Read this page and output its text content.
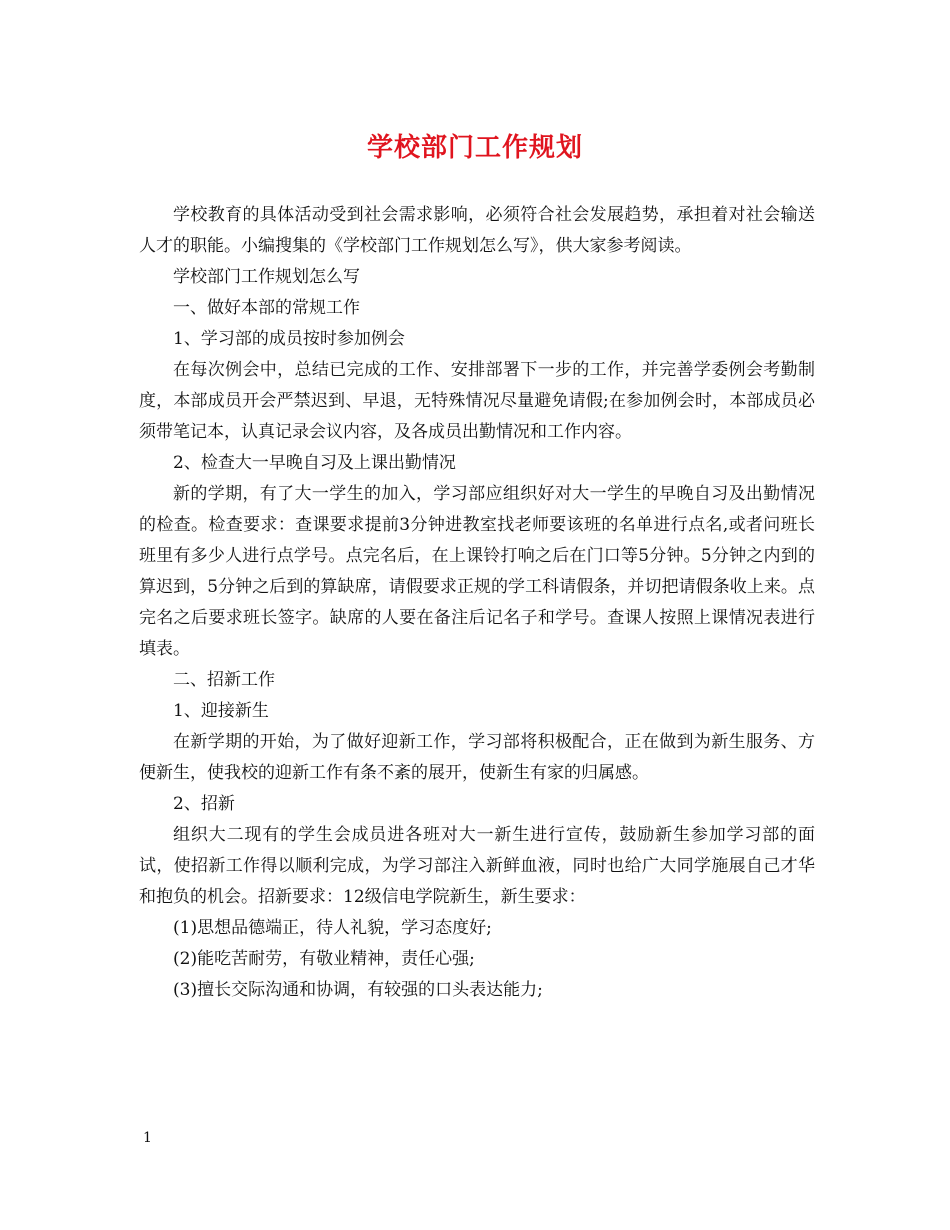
学校部门工作规划

学校教育的具体活动受到社会需求影响，必须符合社会发展趋势，承担着对社会输送人才的职能。小编搜集的《学校部门工作规划怎么写》，供大家参考阅读。

学校部门工作规划怎么写

一、做好本部的常规工作

1、学习部的成员按时参加例会

在每次例会中，总结已完成的工作、安排部署下一步的工作，并完善学委例会考勤制度，本部成员开会严禁迟到、早退，无特殊情况尽量避免请假;在参加例会时，本部成员必须带笔记本，认真记录会议内容，及各成员出勤情况和工作内容。

2、检查大一早晚自习及上课出勤情况

新的学期，有了大一学生的加入，学习部应组织好对大一学生的早晚自习及出勤情况的检查。检查要求：查课要求提前3分钟进教室找老师要该班的名单进行点名,或者问班长班里有多少人进行点学号。点完名后，在上课铃打响之后在门口等5分钟。5分钟之内到的算迟到，5分钟之后到的算缺席，请假要求正规的学工科请假条，并切把请假条收上来。点完名之后要求班长签字。缺席的人要在备注后记名子和学号。查课人按照上课情况表进行填表。

二、招新工作

1、迎接新生

在新学期的开始，为了做好迎新工作，学习部将积极配合，正在做到为新生服务、方便新生，使我校的迎新工作有条不紊的展开，使新生有家的归属感。

2、招新

组织大二现有的学生会成员进各班对大一新生进行宣传，鼓励新生参加学习部的面试，使招新工作得以顺利完成，为学习部注入新鲜血液，同时也给广大同学施展自己才华和抱负的机会。招新要求：12级信电学院新生，新生要求：

(1)思想品德端正，待人礼貌，学习态度好;

(2)能吃苦耐劳，有敬业精神，责任心强;

(3)擅长交际沟通和协调，有较强的口头表达能力;

1
